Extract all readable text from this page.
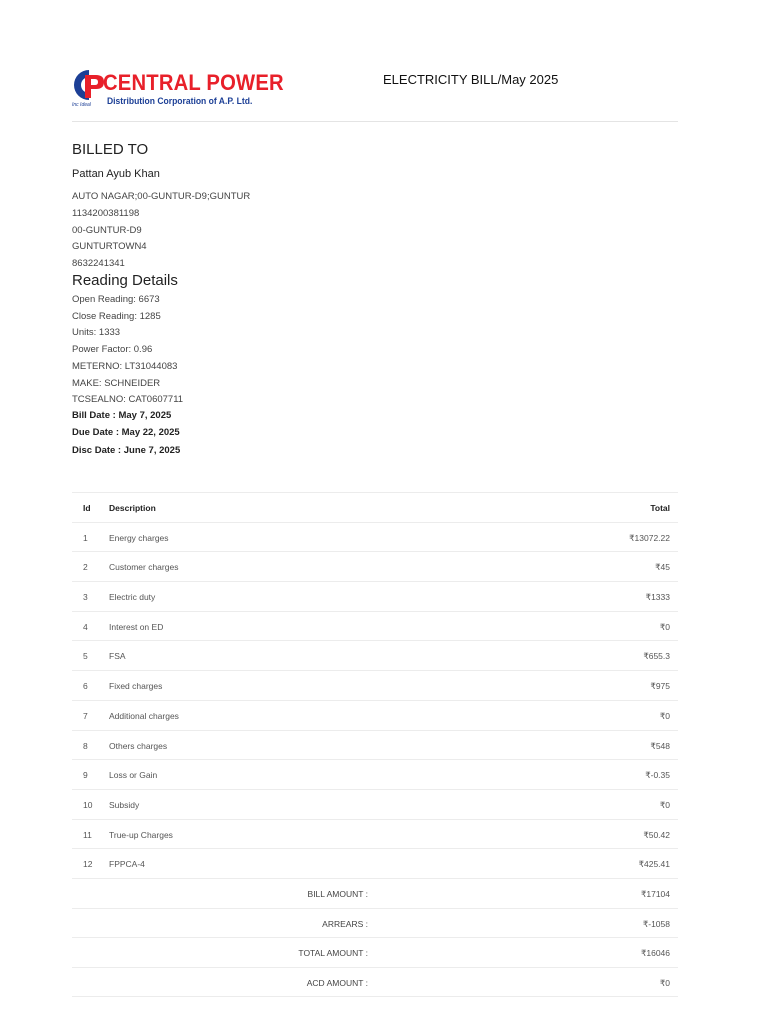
CENTRAL POWER
Distribution Corporation of A.P. Ltd.
Inc Ideal
ELECTRICITY BILL/May 2025
BILLED TO
Pattan Ayub Khan
AUTO NAGAR;00-GUNTUR-D9;GUNTUR
1134200381198
00-GUNTUR-D9
GUNTURTOWN4
8632241341
Reading Details
Open Reading: 6673
Close Reading: 1285
Units: 1333
Power Factor: 0.96
METERNO: LT31044083
MAKE: SCHNEIDER
TCSEALNO: CAT0607711
Bill Date : May 7, 2025
Due Date : May 22, 2025
Disc Date : June 7, 2025
Id Description	Total
1	Energy charges	₹13072.22
2	Customer charges	₹45
3	Electric duty	₹1333
4	Interest on ED	₹0
5	FSA	₹655.3
6	Fixed charges	₹975
7	Additional charges	₹0
8	Others charges	₹548
9	Loss or Gain	₹-0.35
10 Subsidy	₹0
11 True-up Charges	₹50.42
12 FPPCA-4	₹425.41
BILL AMOUNT :	₹17104
ARREARS :	₹-1058
TOTAL AMOUNT :	₹16046
ACD AMOUNT :	₹0
